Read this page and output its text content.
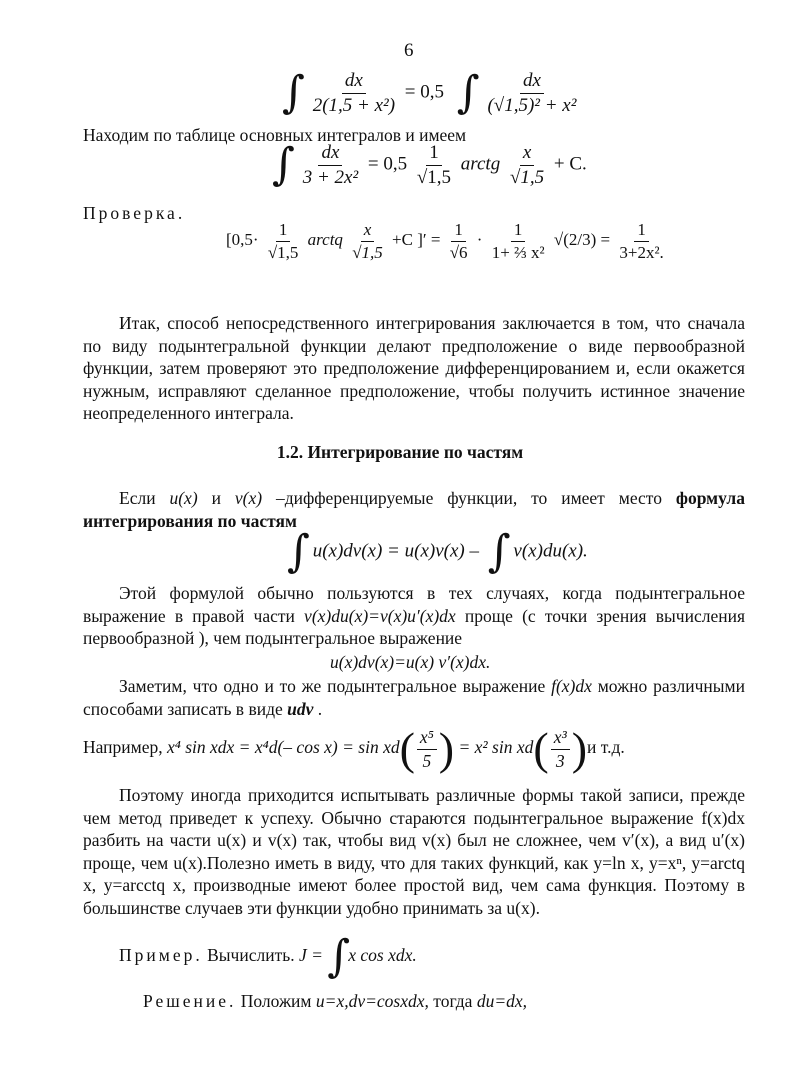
6
∫ $\frac{dx}{\text{2(1,5 + x²)}} = 0,5$ ∫ $\frac{dx}{\text{(√1,5)² + x²}}$
Находим по таблице основных интегралов и имеем
∫ $\frac{dx}{\text{3 + 2x²}} = 0,5 \frac{1}{√1,5}$ arctg $\frac{x}{√1,5} + C$.
Проверка.
[$0,5\cdot \frac{1}{√1,5}$ arctq $\frac{x}{√1,5} +C$ ]′ = $\frac{1}{√6} \cdot \frac{1}{\text{1+ ⅔ x²}} √(2/3) = \frac{1}{\text{3+2x².}}$
Итак, способ непосредственного интегрирования заключается в том, что сначала по виду подынтегральной функции делают предположение о виде первообразной функции, затем проверяют это предположение дифференцированием и, если окажется нужным, исправляют сделанное предположение, чтобы получить истинное значение неопределенного интеграла.
1.2. Интегрирование по частям
Если u(x) и v(x) –дифференцируемые функции, то имеет место формула интегрирования по частям
∫ u(x)dv(x) = u(x)v(x) – ∫ v(x)du(x).
Этой формулой обычно пользуются в тех случаях, когда подынтегральное выражение в правой части v(x)du(x)=v(x)u′(x)dx проще (с точки зрения вычисления первообразной ), чем подынтегральное выражение
u(x)dv(x)=u(x) v′(x)dx.
Заметим, что одно и то же подынтегральное выражение f(x)dx можно различными способами записать в виде udv .
Например, x⁴ sin xdx = x⁴d(– $\cos x) = \sin xd( \frac{\text{x⁵}}{5}$ ) = x² $\sin xd( \frac{\text{x³}}{3} )и$ т.д.
Поэтому иногда приходится испытывать различные формы такой записи, прежде чем метод приведет к успеху. Обычно стараются подынтегральное выражение f(x)dx разбить на части u(x) и v(x) так, чтобы вид v(x) был не сложнее, чем v′(x), а вид u′(x) проще, чем u(x).Полезно иметь в виду, что для таких функций, как y=ln x, y=xⁿ, y=arctq x, y=arcctq x, производные имеют более простой вид, чем сама функция. Поэтому в большинстве случаев эти функции удобно принимать за u(x).
Пример. Вычислить. J = ∫x cos xdx.
Решение. Положим u=x,dv=cosxdx, тогда du=dx,
